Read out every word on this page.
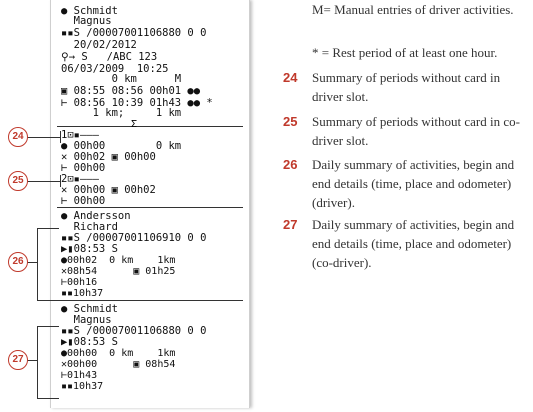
● Schmidt
Magnus
▪▪S /00007001106880 0 0
20/02/2012
⚲→ S   /ABC 123
06/03/2009  10:25
0 km      M
▣ 08:55 08:56 00h01 ●●
⊢ 08:56 10:39 01h43 ●● *
1 km;     1 km
Σ
1⊡▪———
● 00h00        0 km
✕ 00h02 ▣ 00h00
⊢ 00h00
2⊡▪———
✕ 00h00 ▣ 00h02
⊢ 00h00
● Andersson
Richard
▪▪S /00007001106910 0 0
▶▮08:53 S
●00h02  0 km    1km
✕08h54      ▣ 01h25
⊢00h16
▪▪10h37
● Schmidt
Magnus
▪▪S /00007001106880 0 0
▶▮08:53 S
●00h00  0 km    1km
✕00h00      ▣ 08h54
⊢01h43
▪▪10h37
24
25
26
27
M= Manual entries of driver activities.
* = Rest period of at least one hour.
24	Summary of periods without card in driver slot.
25	Summary of periods without card in co-driver slot.
26	Daily summary of activities, begin and end details (time, place and odometer) (driver).
27	Daily summary of activities, begin and end details (time, place and odometer) (co-driver).
